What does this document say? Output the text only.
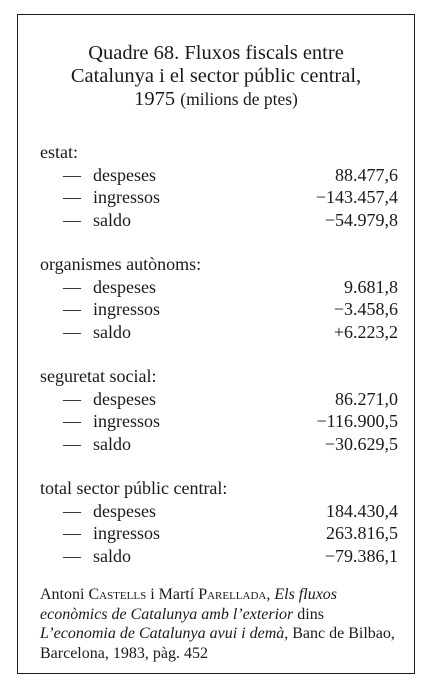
Quadre 68. Fluxos fiscals entre
Catalunya i el sector públic central,
1975 (milions de ptes)
estat:
— despeses	88.477,6
— ingressos	−143.457,4
— saldo	−54.979,8
organismes autònoms:
— despeses	9.681,8
— ingressos	−3.458,6
— saldo	+6.223,2
seguretat social:
— despeses	86.271,0
— ingressos	−116.900,5
— saldo	−30.629,5
total sector públic central:
— despeses	184.430,4
— ingressos	263.816,5
— saldo	−79.386,1
Antoni Castells i Martí Parellada, Els fluxos econòmics de Catalunya amb l’exterior dins L’economia de Catalunya avui i demà, Banc de Bilbao, Barcelona, 1983, pàg. 452
